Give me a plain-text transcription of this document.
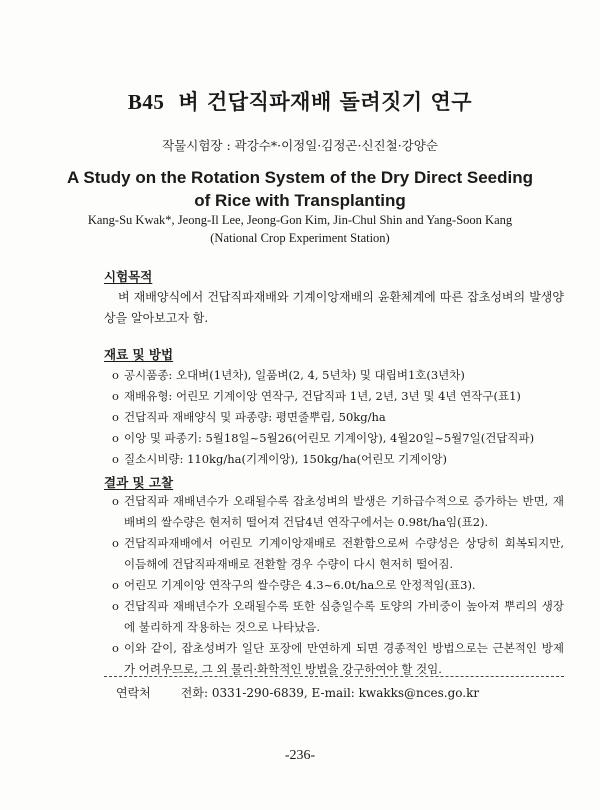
B45 벼 건답직파재배 돌려짓기 연구
작물시험장 : 곽강수*·이정일·김정곤·신진철·강양순
A Study on the Rotation System of the Dry Direct Seeding
of Rice with Transplanting
Kang-Su Kwak*, Jeong-Il Lee, Jeong-Gon Kim, Jin-Chul Shin and Yang-Soon Kang
(National Crop Experiment Station)
시험목적
벼 재배양식에서 건답직파재배와 기계이앙재배의 윤환체계에 따른 잡초성벼의 발생양상을 알아보고자 함.
재료 및 방법
o 공시품종: 오대벼(1년차), 일품벼(2, 4, 5년차) 및 대립벼1호(3년차)
o 재배유형: 어린모 기계이앙 연작구, 건답직파 1년, 2년, 3년 및 4년 연작구(표1)
o 건답직파 재배양식 및 파종량: 평면줄뿌림, 50kg/ha
o 이앙 및 파종기: 5월18일~5월26(어린모 기계이앙), 4월20일~5월7일(건답직파)
o 질소시비량: 110kg/ha(기계이앙), 150kg/ha(어린모 기계이앙)
결과 및 고찰
o 건답직파 재배년수가 오래될수록 잡초성벼의 발생은 기하급수적으로 증가하는 반면, 재배벼의 쌀수량은 현저히 떨어져 건답4년 연작구에서는 0.98t/ha임(표2).
o 건답직파재배에서 어린모 기계이앙재배로 전환함으로써 수량성은 상당히 회복되지만, 이듬해에 건답직파재배로 전환할 경우 수량이 다시 현저히 떨어짐.
o 어린모 기계이앙 연작구의 쌀수량은 4.3~6.0t/ha으로 안정적임(표3).
o 건답직파 재배년수가 오래될수록 또한 심층일수록 토양의 가비중이 높아져 뿌리의 생장에 불리하게 작용하는 것으로 나타났음.
o 이와 같이, 잡초성벼가 일단 포장에 만연하게 되면 경종적인 방법으로는 근본적인 방제가 어려우므로, 그 외 물리·화학적인 방법을 강구하여야 할 것임.
연락처	전화: 0331-290-6839, E-mail: kwakks@nces.go.kr
-236-
